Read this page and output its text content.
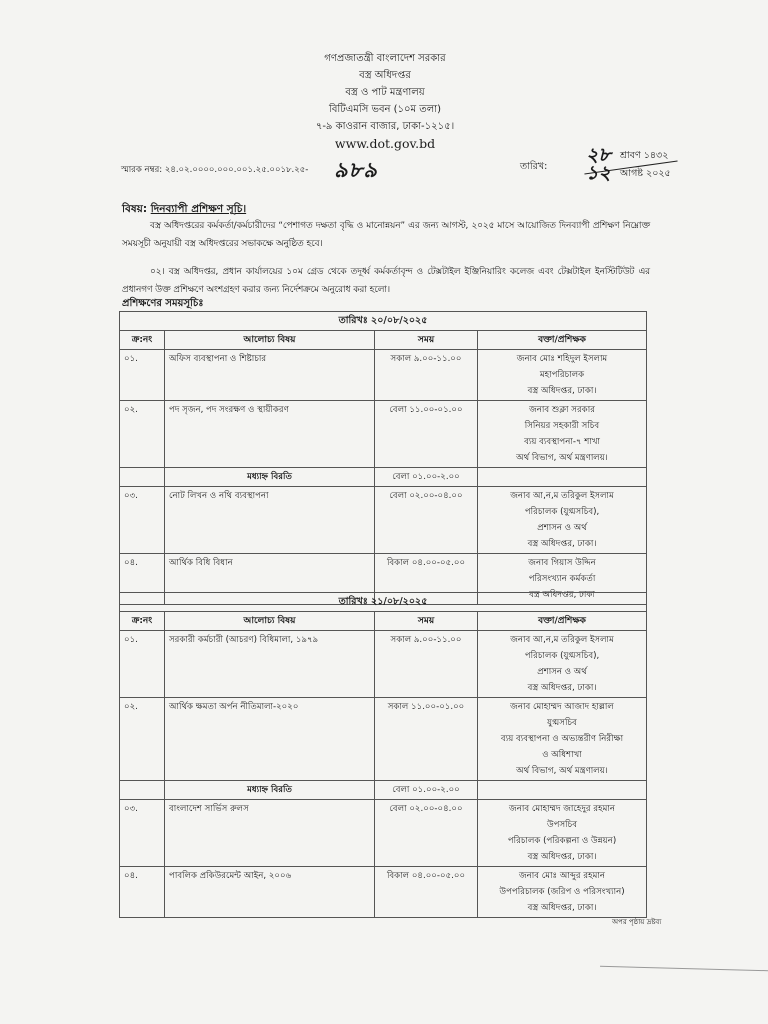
গণপ্রজাতন্ত্রী বাংলাদেশ সরকার
বস্ত্র অধিদপ্তর
বস্ত্র ও পাট মন্ত্রণালয়
বিটিএমসি ভবন (১০ম তলা)
৭-৯ কাওরান বাজার, ঢাকা-১২১৫।
www.dot.gov.bd
স্মারক নম্বর: ২৪.০২.০০০০.০০০.০০১.২৫.০০১৮.২৫- ৯৮৯	তারিখ:
২৮ শ্রাবণ ১৪৩২
১২ আগষ্ট ২০২৫
বিষয়: দিনব্যাপী প্রশিক্ষণ সূচি।
বস্ত্র অধিদপ্তরের কর্মকর্তা/কর্মচারীদের “পেশাগত দক্ষতা বৃদ্ধি ও মানোন্নয়ন” এর জন্য আগস্ট, ২০২৫ মাসে আয়োজিত দিনব্যাপী প্রশিক্ষণ নিম্নোক্ত সময়সূচী অনুযায়ী বস্ত্র অধিদপ্তরের সভাকক্ষে অনুষ্ঠিত হবে।
০২। বস্ত্র অধিদপ্তর, প্রধান কার্যালয়ের ১০ম গ্রেড থেকে তদূর্ধ্ব কর্মকর্তাবৃন্দ ও টেক্সটাইল ইঞ্জিনিয়ারিং কলেজ এবং টেক্সটাইল ইনস্টিটিউট এর প্রধানগণ উক্ত প্রশিক্ষণে অংশগ্রহণ করার জন্য নির্দেশক্রমে অনুরোধ করা হলো।
প্রশিক্ষণের সময়সূচিঃ
তারিখঃ ২০/০৮/২০২৫			
ক্র:নং	আলোচ্য বিষয়	সময়	বক্তা/প্রশিক্ষক
০১.	অফিস ব্যবস্থাপনা ও শিষ্টাচার	সকাল ৯.০০-১১.০০	জনাব মোঃ শহিদুল ইসলাম
মহাপরিচালক
বস্ত্র অধিদপ্তর, ঢাকা।

০২.	পদ সৃজন, পদ সংরক্ষণ ও স্থায়ীকরণ	বেলা ১১.০০-০১.০০	জনাব শুক্লা সরকার
সিনিয়র সহকারী সচিব
ব্যয় ব্যবস্থাপনা-৭ শাখা
অর্থ বিভাগ, অর্থ মন্ত্রণালয়।

	মধ্যাহ্ন বিরতি	বেলা ০১.০০-২.০০	
০৩.	নোট লিখন ও নথি ব্যবস্থাপনা	বেলা ০২.০০-০৪.০০	জনাব আ,ন,ম তরিকুল ইসলাম
পরিচালক (যুগ্মসচিব),
প্রশাসন ও অর্থ
বস্ত্র অধিদপ্তর, ঢাকা।

০৪.	আর্থিক বিধি বিধান	বিকাল ০৪.০০-০৫.০০	জনাব গিয়াস উদ্দিন
পরিসংখ্যান কর্মকর্তা
বস্ত্র অধিদপ্তর, ঢাকা
তারিখঃ ২১/০৮/২০২৫			
ক্র:নং	আলোচ্য বিষয়	সময়	বক্তা/প্রশিক্ষক
০১.	সরকারী কর্মচারী (আচরণ) বিধিমালা, ১৯৭৯	সকাল ৯.০০-১১.০০	জনাব আ,ন,ম তরিকুল ইসলাম
পরিচালক (যুগ্মসচিব),
প্রশাসন ও অর্থ
বস্ত্র অধিদপ্তর, ঢাকা।

০২.	আর্থিক ক্ষমতা অর্পন নীতিমালা-২০২০	সকাল ১১.০০-০১.০০	জনাব মোহাম্মদ আজাদ হাল্লাল
যুগ্মসচিব
ব্যয় ব্যবস্থাপনা ও অভ্যন্তরীণ নিরীক্ষা
ও অধিশাখা
অর্থ বিভাগ, অর্থ মন্ত্রণালয়।

	মধ্যাহ্ন বিরতি	বেলা ০১.০০-২.০০	
০৩.	বাংলাদেশ সার্ভিস রুলস	বেলা ০২.০০-০৪.০০	জনাব মোহাম্মদ জাহেদুর রহমান
উপসচিব
পরিচালক (পরিকল্পনা ও উন্নয়ন)
বস্ত্র অধিদপ্তর, ঢাকা।

০৪.	পাবলিক প্রকিউরমেন্ট আইন, ২০০৬	বিকাল ০৪.০০-০৫.০০	জনাব মোঃ আব্দুর রহমান
উপপরিচালক (জরিপ ও পরিসংখ্যান)
বস্ত্র অধিদপ্তর, ঢাকা।
অপর পৃষ্ঠায় দ্রষ্টব্য
